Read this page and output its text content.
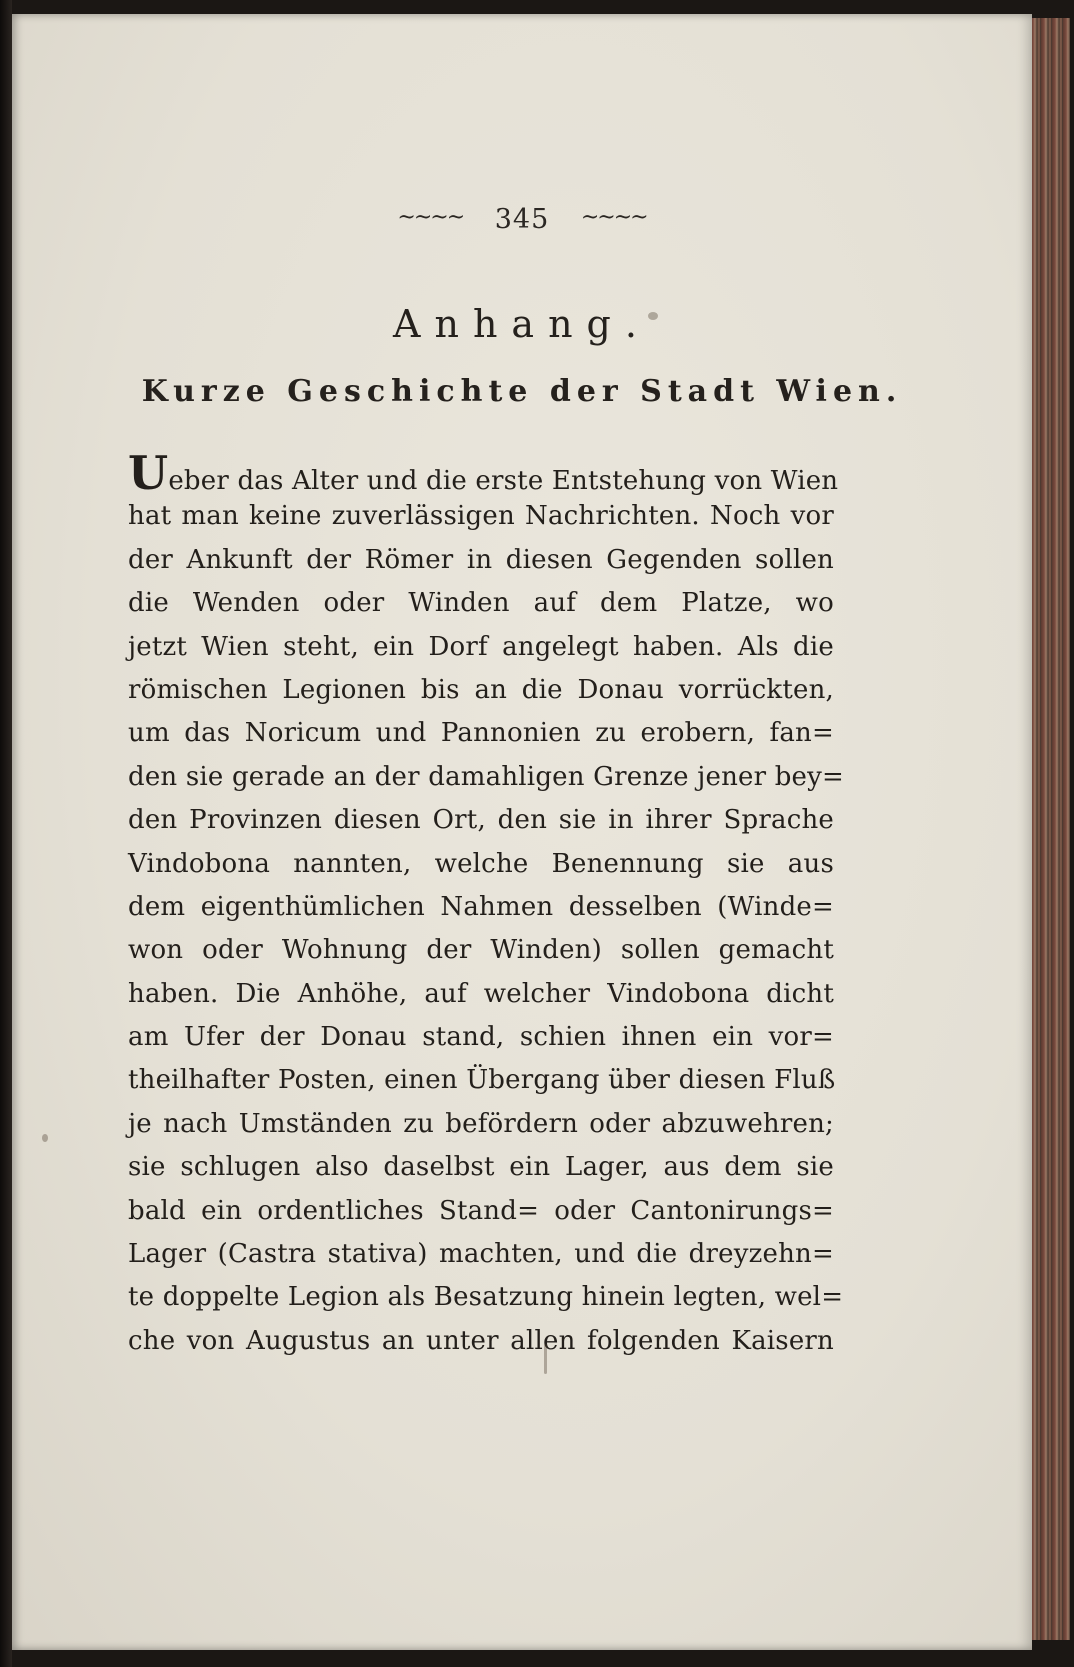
~~~~ 345 ~~~~
Anhang.
Kurze Geschichte der Stadt Wien.
Ueber das Alter und die erste Entstehung von Wien
hat man keine zuverlässigen Nachrichten. Noch vor
der Ankunft der Römer in diesen Gegenden sollen
die Wenden oder Winden auf dem Platze, wo
jetzt Wien steht, ein Dorf angelegt haben. Als die
römischen Legionen bis an die Donau vorrückten,
um das Noricum und Pannonien zu erobern, fan=
den sie gerade an der damahligen Grenze jener bey=
den Provinzen diesen Ort, den sie in ihrer Sprache
Vindobona nannten, welche Benennung sie aus
dem eigenthümlichen Nahmen desselben (Winde=
won oder Wohnung der Winden) sollen gemacht
haben. Die Anhöhe, auf welcher Vindobona dicht
am Ufer der Donau stand, schien ihnen ein vor=
theilhafter Posten, einen Übergang über diesen Fluß
je nach Umständen zu befördern oder abzuwehren;
sie schlugen also daselbst ein Lager, aus dem sie
bald ein ordentliches Stand= oder Cantonirungs=
Lager (Castra stativa) machten, und die dreyzehn=
te doppelte Legion als Besatzung hinein legten, wel=
che von Augustus an unter allen folgenden Kaisern
